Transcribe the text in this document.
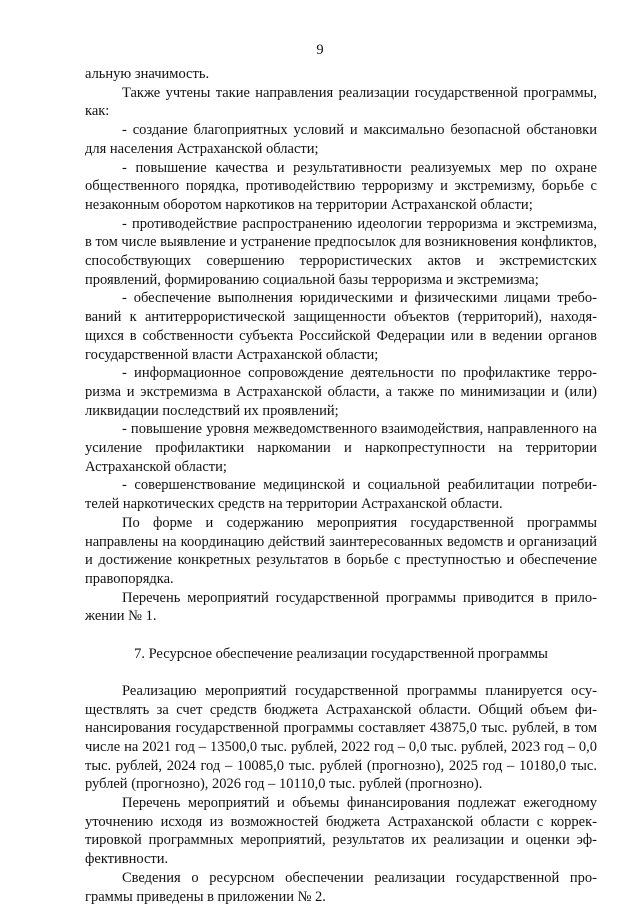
9

альную значимость.

Также учтены такие направления реализации государственной программы, как:

- создание благоприятных условий и максимально безопасной обстановки для населения Астраханской области;

- повышение качества и результативности реализуемых мер по охране общественного порядка, противодействию терроризму и экстремизму, борьбе с незаконным оборотом наркотиков на территории Астраханской области;

- противодействие распространению идеологии терроризма и экстремизма, в том числе выявление и устранение предпосылок для возникновения конфликтов, способствующих совершению террористических актов и экстремистских проявлений, формированию социальной базы терроризма и экстремизма;

- обеспечение выполнения юридическими и физическими лицами требований к антитеррористической защищенности объектов (территорий), находящихся в собственности субъекта Российской Федерации или в ведении органов государственной власти Астраханской области;

- информационное сопровождение деятельности по профилактике терроризма и экстремизма в Астраханской области, а также по минимизации и (или) ликвидации последствий их проявлений;

- повышение уровня межведомственного взаимодействия, направленного на усиление профилактики наркомании и наркопреступности на территории Астраханской области;

- совершенствование медицинской и социальной реабилитации потребителей наркотических средств на территории Астраханской области.

По форме и содержанию мероприятия государственной программы направлены на координацию действий заинтересованных ведомств и организаций и достижение конкретных результатов в борьбе с преступностью и обеспечение правопорядка.

Перечень мероприятий государственной программы приводится в приложении № 1.

7. Ресурсное обеспечение реализации государственной программы

Реализацию мероприятий государственной программы планируется осуществлять за счет средств бюджета Астраханской области. Общий объем финансирования государственной программы составляет 43875,0 тыс. рублей, в том числе на 2021 год – 13500,0 тыс. рублей, 2022 год – 0,0 тыс. рублей, 2023 год – 0,0 тыс. рублей, 2024 год – 10085,0 тыс. рублей (прогнозно), 2025 год – 10180,0 тыс. рублей (прогнозно), 2026 год – 10110,0 тыс. рублей (прогнозно).

Перечень мероприятий и объемы финансирования подлежат ежегодному уточнению исходя из возможностей бюджета Астраханской области с корректировкой программных мероприятий, результатов их реализации и оценки эффективности.

Сведения о ресурсном обеспечении реализации государственной программы приведены в приложении № 2.
